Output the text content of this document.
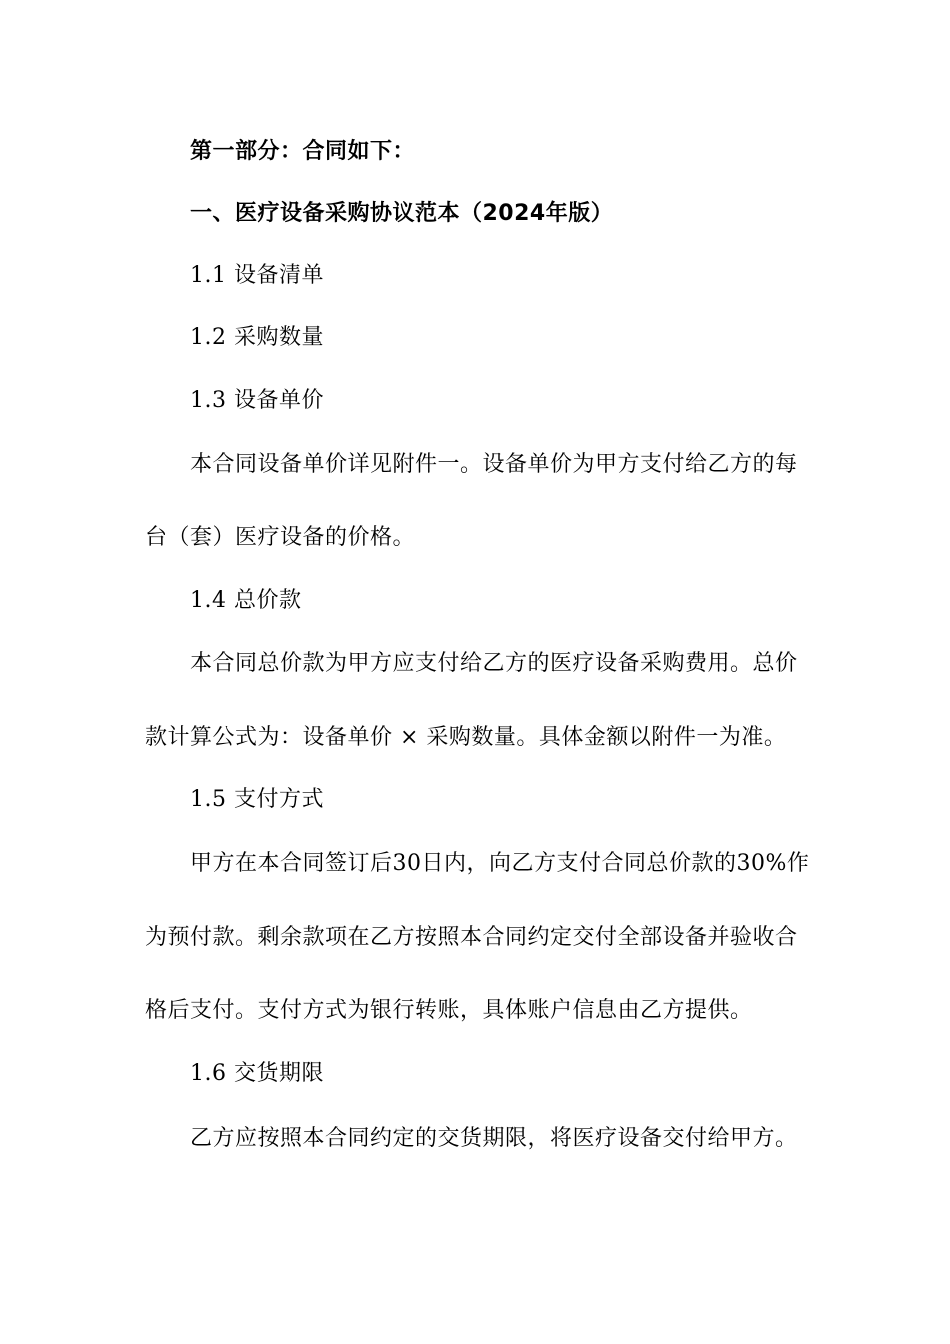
第一部分：合同如下：
一、医疗设备采购协议范本（2024年版）
1.1 设备清单
1.2 采购数量
1.3 设备单价
本合同设备单价详见附件一。设备单价为甲方支付给乙方的每
台（套）医疗设备的价格。
1.4 总价款
本合同总价款为甲方应支付给乙方的医疗设备采购费用。总价
款计算公式为：设备单价 × 采购数量。具体金额以附件一为准。
1.5 支付方式
甲方在本合同签订后30日内，向乙方支付合同总价款的30%作
为预付款。剩余款项在乙方按照本合同约定交付全部设备并验收合
格后支付。支付方式为银行转账，具体账户信息由乙方提供。
1.6 交货期限
乙方应按照本合同约定的交货期限，将医疗设备交付给甲方。
